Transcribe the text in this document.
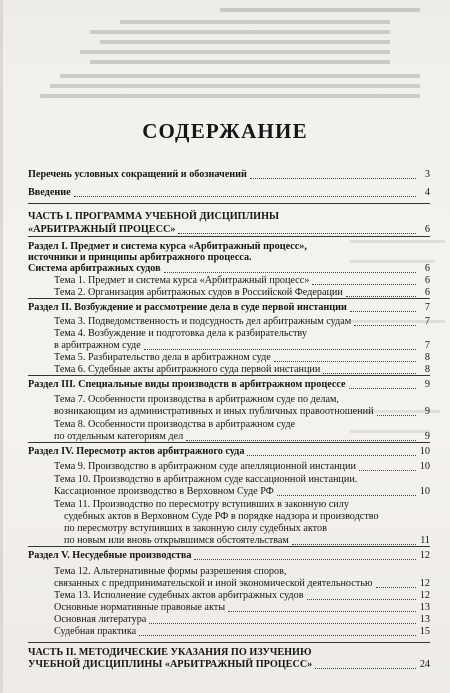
СОДЕРЖАНИЕ
Перечень условных сокращений и обозначений	3
Введение	4
ЧАСТЬ I. ПРОГРАММА УЧЕБНОЙ ДИСЦИПЛИНЫ
«АРБИТРАЖНЫЙ ПРОЦЕСС»	6
Раздел I. Предмет и система курса «Арбитражный процесс»,
источники и принципы арбитражного процесса.
Система арбитражных судов	6
Тема 1. Предмет и система курса «Арбитражный процесс»	6
Тема 2. Организация арбитражных судов в Российской Федерации	6
Раздел II. Возбуждение и рассмотрение дела в суде первой инстанции	7
Тема 3. Подведомственность и подсудность дел арбитражным судам	7
Тема 4. Возбуждение и подготовка дела к разбирательству
в арбитражном суде	7
Тема 5. Разбирательство дела в арбитражном суде	8
Тема 6. Судебные акты арбитражного суда первой инстанции	8
Раздел III. Специальные виды производств в арбитражном процессе	9
Тема 7. Особенности производства в арбитражном суде по делам,
возникающим из административных и иных публичных правоотношений	9
Тема 8. Особенности производства в арбитражном суде
по отдельным категориям дел	9
Раздел IV. Пересмотр актов арбитражного суда	10
Тема 9. Производство в арбитражном суде апелляционной инстанции	10
Тема 10. Производство в арбитражном суде кассационной инстанции.
Кассационное производство в Верховном Суде РФ	10
Тема 11. Производство по пересмотру вступивших в законную силу
судебных актов в Верховном Суде РФ в порядке надзора и производство
по пересмотру вступивших в законную силу судебных актов
по новым или вновь открывшимся обстоятельствам	11
Раздел V. Несудебные производства	12
Тема 12. Альтернативные формы разрешения споров,
связанных с предпринимательской и иной экономической деятельностью	12
Тема 13. Исполнение судебных актов арбитражных судов	12
Основные нормативные правовые акты	13
Основная литература	13
Судебная практика	15
ЧАСТЬ II. МЕТОДИЧЕСКИЕ УКАЗАНИЯ ПО ИЗУЧЕНИЮ
УЧЕБНОЙ ДИСЦИПЛИНЫ «АРБИТРАЖНЫЙ ПРОЦЕСС»	24
